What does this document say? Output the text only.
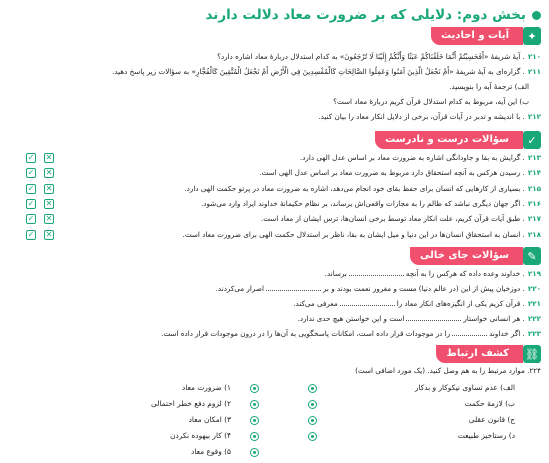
بخش دوم: دلایلی که بر ضرورت معاد دلالت دارند
✦
آیات و احادیث
۲۱۰. آیهٔ شریفهٔ «أَفَحَسِبْتُمْ أَنَّمَا خَلَقْنَاكُمْ عَبَثًا وَأَنَّكُمْ إِلَيْنَا لَا تُرْجَعُونَ» به کدام استدلال دربارهٔ معاد اشاره دارد؟
۲۱۱. گزاره‌ای به آیهٔ شریفهٔ «أَمْ نَجْعَلُ الَّذِينَ آمَنُوا وَعَمِلُوا الصَّالِحَاتِ كَالْمُفْسِدِينَ فِي الْأَرْضِ أَمْ نَجْعَلُ الْمُتَّقِينَ كَالْفُجَّارِ» به سؤالات زیر پاسخ دهید.
الف) ترجمهٔ آیه را بنویسید.
ب) این آیه، مربوط به کدام استدلال قرآن کریم دربارهٔ معاد است؟
۲۱۲. با اندیشه و تدبر در آیات قرآن، برخی از دلایل انکار معاد را بیان کنید.
✓
سؤالات درست و نادرست
۲۱۳. گرایش به بقا و جاودانگی اشاره به ضرورت معاد بر اساس عدل الهی دارد.
۲۱۴. رسیدن هرکس به آنچه استحقاق دارد مربوط به ضرورت معاد بر اساس عدل الهی است.
۲۱۵. بسیاری از کارهایی که انسان برای حفظ بقای خود انجام می‌دهد، اشاره به ضرورت معاد در پرتو حکمت الهی دارد.
۲۱۶. اگر جهان دیگری نباشد که ظالم را به مجازات واقعی‌اش برساند، بر نظام حکیمانهٔ خداوند ایراد وارد می‌شود.
۲۱۷. طبق آیات قرآن کریم، علت انکار معاد توسط برخی انسان‌ها، ترس ایشان از معاد است.
۲۱۸. انسان به استحقاق انسان‌ها در این دنیا و میل ایشان به بقا، ناظر بر استدلال حکمت الهی برای ضرورت معاد است.
✓ ✕
✓ ✕
✓ ✕
✓ ✕
✓ ✕
✓ ✕
✎
سؤالات جای خالی
۲۱۹. خداوند وعده داده که هرکس را به آنچهبرساند.
۲۲۰. دوزخیان پیش از این (در عالم دنیا) مست و مغرور نعمت بودند و براصرار می‌کردند.
۲۲۱. قرآن کریم یکی از انگیزه‌های انکار معاد رامعرفی می‌کند.
۲۲۲. هر انسانی خواستاراست و این خواستن هیچ حدی ندارد.
۲۲۳. اگر خداوندرا در موجودات قرار داده است، امکانات پاسخگویی به آن‌ها را در درون موجودات قرار داده است.
⛓
کشف ارتباط
۲۲۴. موارد مرتبط را به هم وصل کنید. (یک مورد اضافی است)
الف) عدم تساوی نیکوکار و بدکار
ب) لازمهٔ حکمت
ج) قانون عقلی
د) رستاخیز طبیعت
۱) ضرورت معاد
۲) لزوم دفع خطر احتمالی
۳) امکان معاد
۴) کار بیهوده نکردن
۵) وقوع معاد
